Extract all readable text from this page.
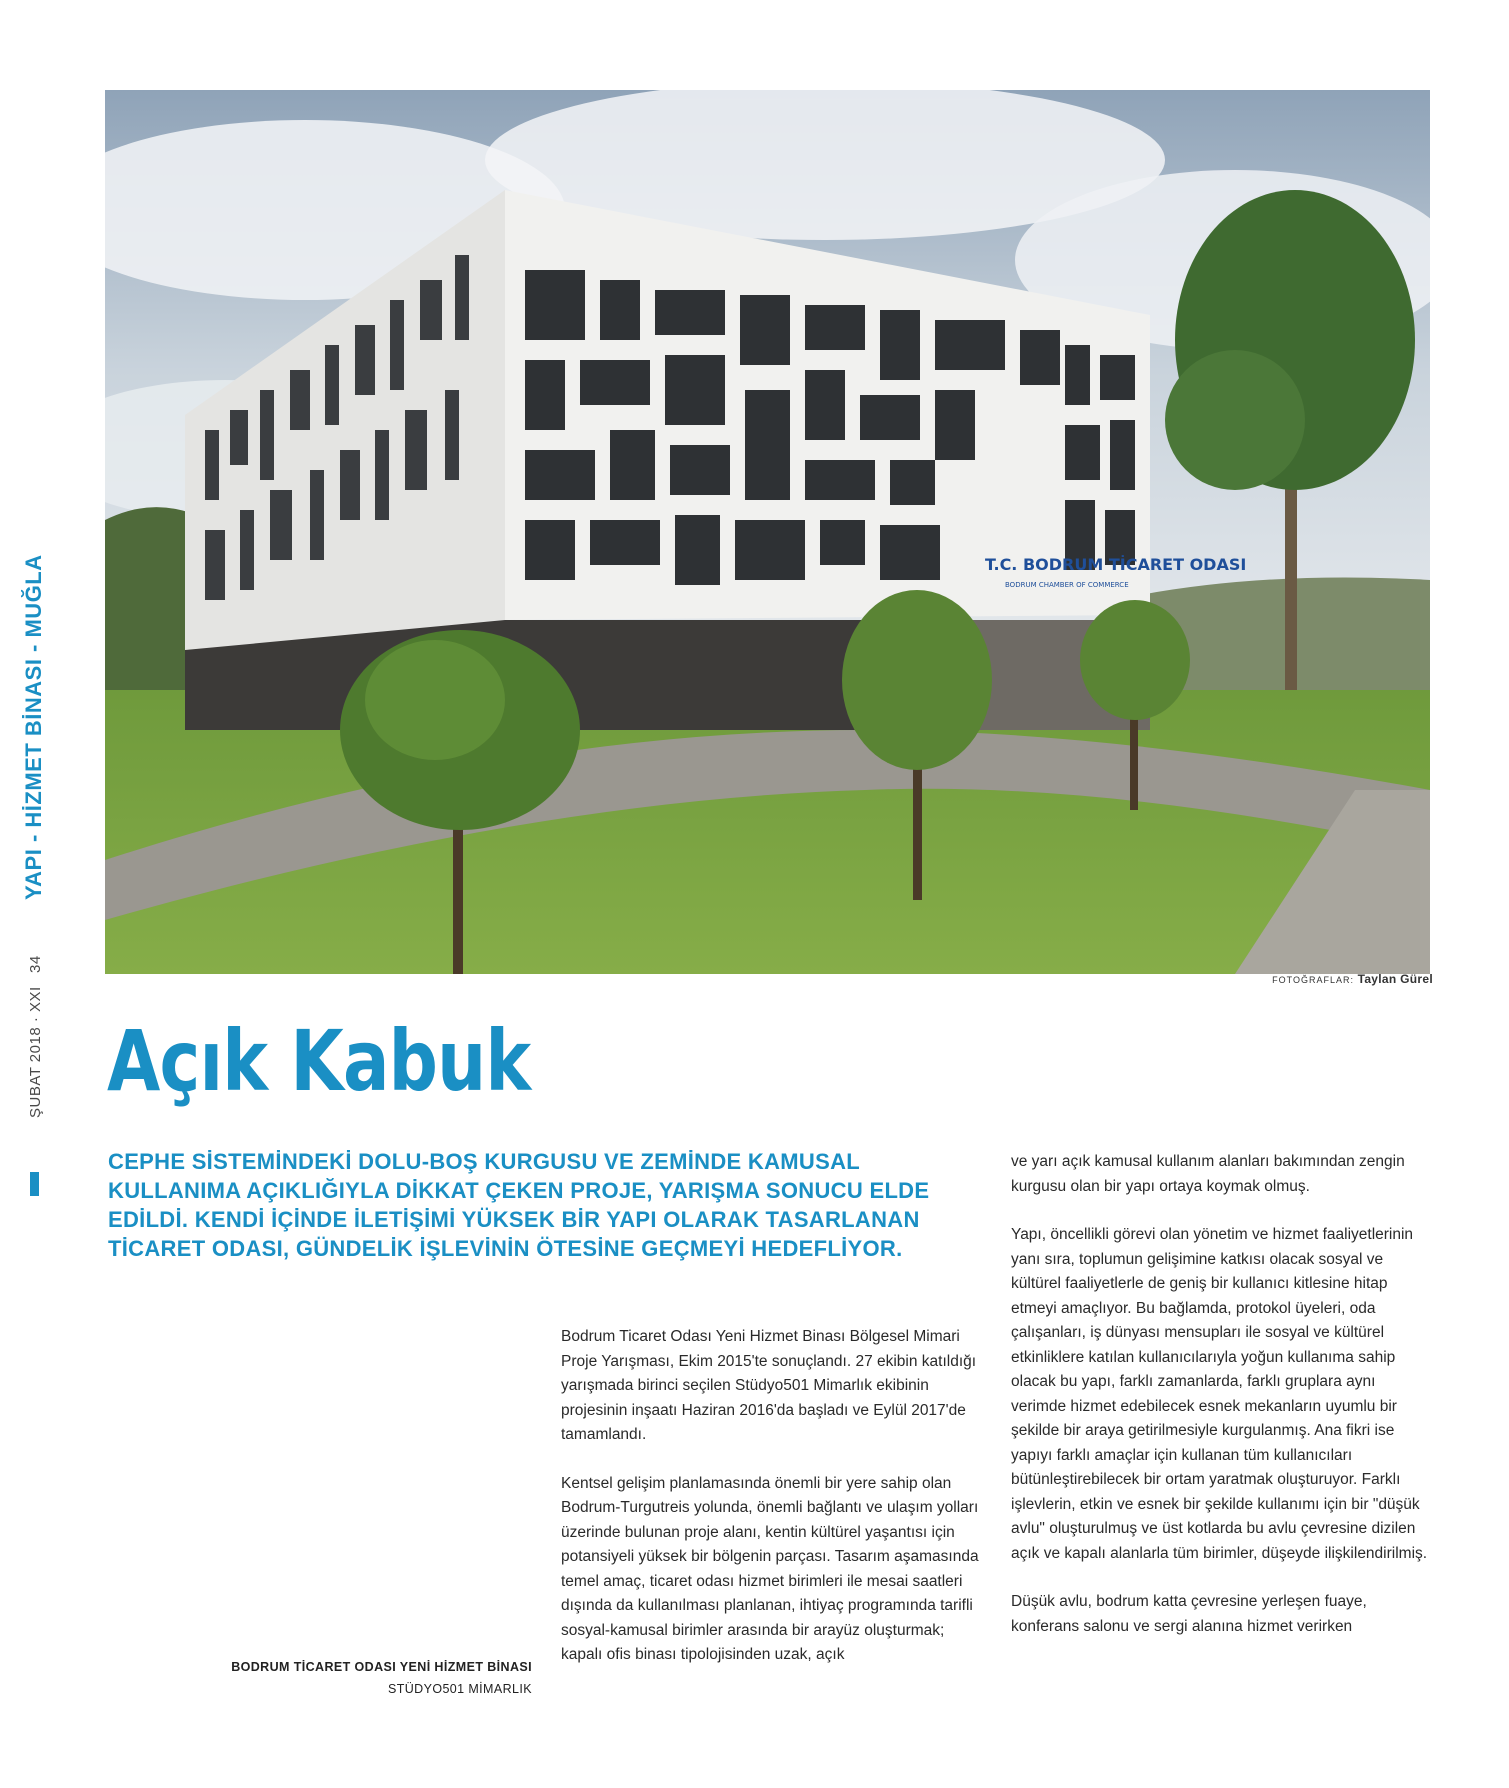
T.C. BODRUM TİCARET ODASI
BODRUM CHAMBER OF COMMERCE
FOTOĞRAFLAR: Taylan Gürel
ŞUBAT 2018 · XXI   34
YAPI - HİZMET BİNASI - MUĞLA
Açık Kabuk

CEPHE SİSTEMİNDEKİ DOLU-BOŞ KURGUSU VE ZEMİNDE KAMUSAL KULLANIMA AÇIKLIĞIYLA DİKKAT ÇEKEN PROJE, YARIŞMA SONUCU ELDE EDİLDİ. KENDİ İÇİNDE İLETİŞİMİ YÜKSEK BİR YAPI OLARAK TASARLANAN TİCARET ODASI, GÜNDELİK İŞLEVİNİN ÖTESİNE GEÇMEYİ HEDEFLİYOR.

BODRUM TİCARET ODASI YENİ HİZMET BİNASI
STÜDYO501 MİMARLIK

Bodrum Ticaret Odası Yeni Hizmet Binası Bölgesel Mimari Proje Yarışması, Ekim 2015'te sonuçlandı. 27 ekibin katıldığı yarışmada birinci seçilen Stüdyo501 Mimarlık ekibinin projesinin inşaatı Haziran 2016'da başladı ve Eylül 2017'de tamamlandı.

Kentsel gelişim planlamasında önemli bir yere sahip olan Bodrum-Turgutreis yolunda, önemli bağlantı ve ulaşım yolları üzerinde bulunan proje alanı, kentin kültürel yaşantısı için potansiyeli yüksek bir bölgenin parçası. Tasarım aşamasında temel amaç, ticaret odası hizmet birimleri ile mesai saatleri dışında da kullanılması planlanan, ihtiyaç programında tarifli sosyal-kamusal birimler arasında bir arayüz oluşturmak; kapalı ofis binası tipolojisinden uzak, açık

ve yarı açık kamusal kullanım alanları bakımından zengin kurgusu olan bir yapı ortaya koymak olmuş.

Yapı, öncellikli görevi olan yönetim ve hizmet faaliyetlerinin yanı sıra, toplumun gelişimine katkısı olacak sosyal ve kültürel faaliyetlerle de geniş bir kullanıcı kitlesine hitap etmeyi amaçlıyor. Bu bağlamda, protokol üyeleri, oda çalışanları, iş dünyası mensupları ile sosyal ve kültürel etkinliklere katılan kullanıcılarıyla yoğun kullanıma sahip olacak bu yapı, farklı zamanlarda, farklı gruplara aynı verimde hizmet edebilecek esnek mekanların uyumlu bir şekilde bir araya getirilmesiyle kurgulanmış. Ana fikri ise yapıyı farklı amaçlar için kullanan tüm kullanıcıları bütünleştirebilecek bir ortam yaratmak oluşturuyor. Farklı işlevlerin, etkin ve esnek bir şekilde kullanımı için bir "düşük avlu" oluşturulmuş ve üst kotlarda bu avlu çevresine dizilen açık ve kapalı alanlarla tüm birimler, düşeyde ilişkilendirilmiş.

Düşük avlu, bodrum katta çevresine yerleşen fuaye, konferans salonu ve sergi alanına hizmet verirken
